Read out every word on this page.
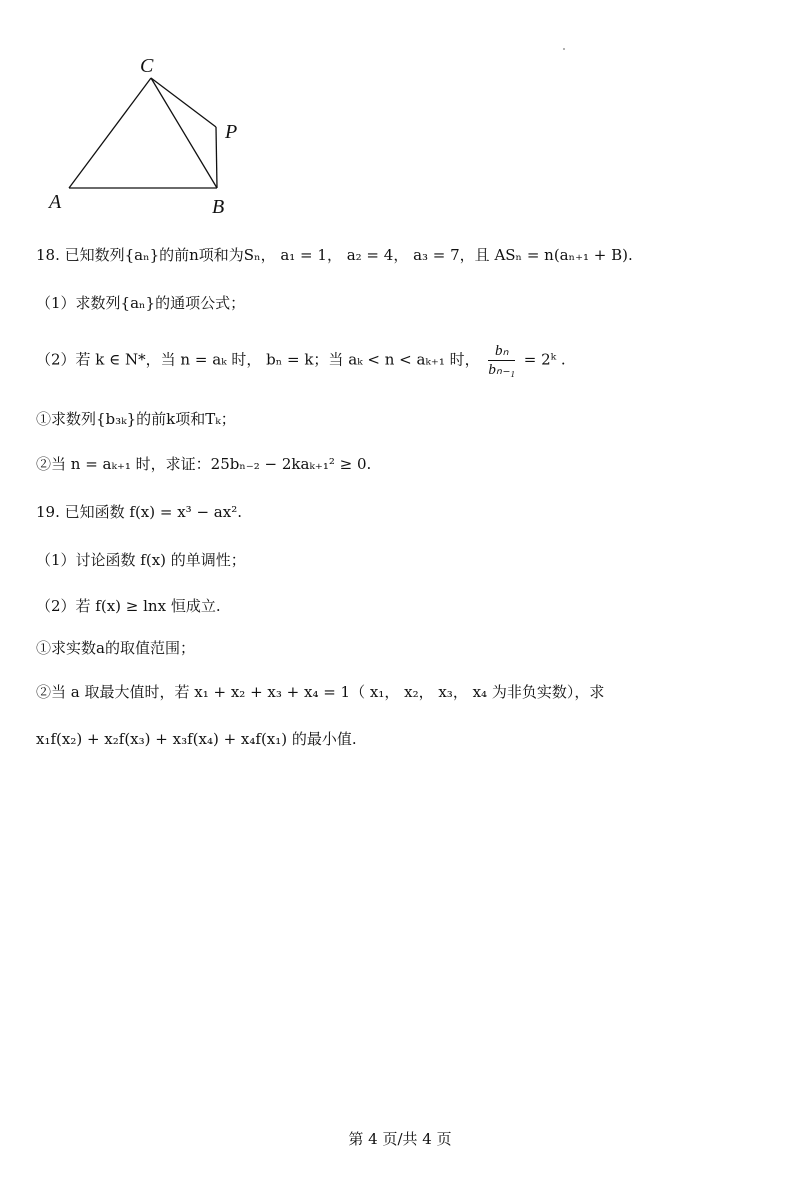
C
P
A	B
18. 已知数列{aₙ}的前n项和为Sₙ， a₁ = 1， a₂ = 4， a₃ = 7，且 ASₙ = n(aₙ₊₁ + B).
（1）求数列{aₙ}的通项公式；
（2）若 k ∈ N*，当 n = aₖ 时， bₙ = k；当 aₖ < n < aₖ₊₁ 时， $\frac{\text{bₙ}}{\text{bₙ₋₁}}$ = 2ᵏ .
①求数列{b₃ₖ}的前k项和Tₖ；
②当 n = aₖ₊₁ 时，求证：25bₙ₋₂ − 2kaₖ₊₁² ≥ 0.
19. 已知函数 f(x) = x³ − ax².
（1）讨论函数 f(x) 的单调性；
（2）若 f(x) ≥ lnx 恒成立.
①求实数a的取值范围；
②当 a 取最大值时，若 x₁ + x₂ + x₃ + x₄ = 1（ x₁， x₂， x₃， x₄ 为非负实数），求
x₁f(x₂) + x₂f(x₃) + x₃f(x₄) + x₄f(x₁) 的最小值.
第 4 页/共 4 页
